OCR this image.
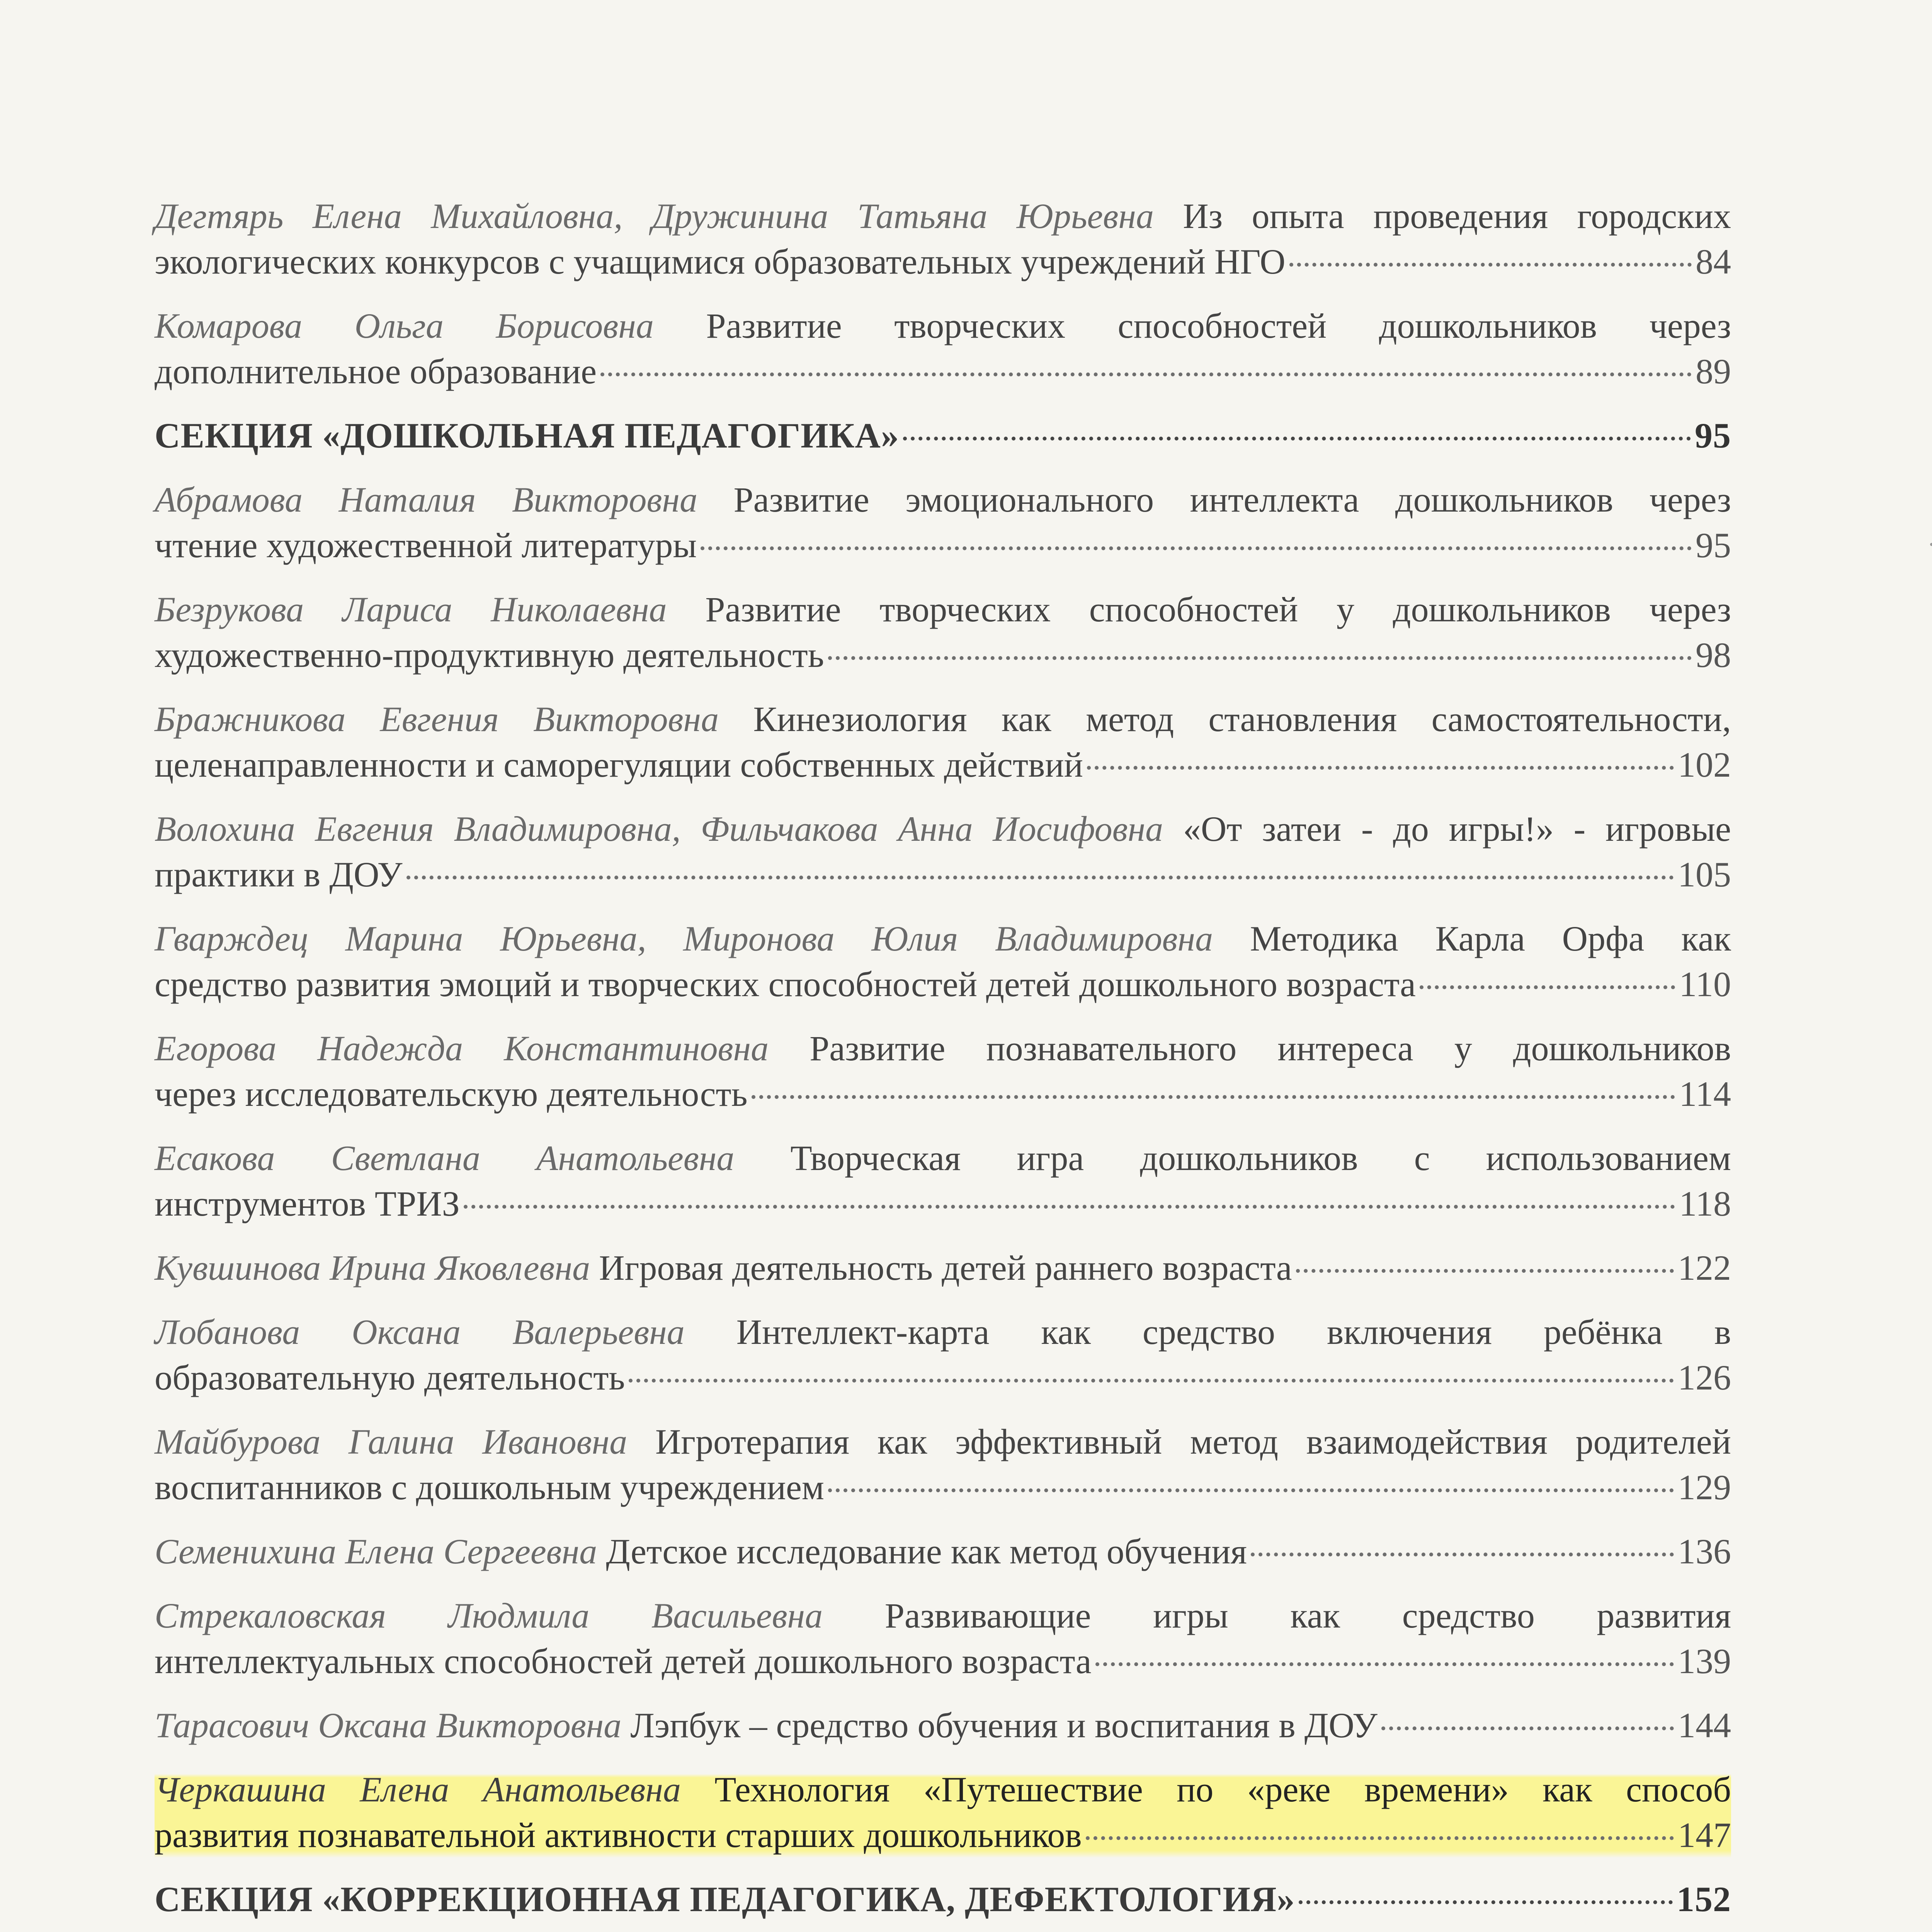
Дегтярь Елена Михайловна, Дружинина Татьяна Юрьевна Из опыта проведения городских
экологических конкурсов с учащимися образовательных учреждений НГО	84
Комарова Ольга Борисовна Развитие творческих способностей дошкольников через
дополнительное образование	89
СЕКЦИЯ «ДОШКОЛЬНАЯ ПЕДАГОГИКА»	95
Абрамова Наталия Викторовна Развитие эмоционального интеллекта дошкольников через
чтение художественной литературы	95
Безрукова Лариса Николаевна Развитие творческих способностей у дошкольников через
художественно-продуктивную деятельность	98
Бражникова Евгения Викторовна Кинезиология как метод становления самостоятельности,
целенаправленности и саморегуляции собственных действий	102
Волохина Евгения Владимировна, Фильчакова Анна Иосифовна «От затеи - до игры!» - игровые
практики в ДОУ	105
Гварждец Марина Юрьевна, Миронова Юлия Владимировна Методика Карла Орфа как
средство развития эмоций и творческих способностей детей дошкольного возраста	110
Егорова Надежда Константиновна Развитие познавательного интереса у дошкольников
через исследовательскую деятельность	114
Есакова Светлана Анатольевна Творческая игра дошкольников с использованием
инструментов ТРИЗ	118
Кувшинова Ирина Яковлевна Игровая деятельность детей раннего возраста	122
Лобанова Оксана Валерьевна Интеллект-карта как средство включения ребёнка в
образовательную деятельность	126
Майбурова Галина Ивановна Игротерапия как эффективный метод взаимодействия родителей
воспитанников с дошкольным учреждением	129
Семенихина Елена Сергеевна Детское исследование как метод обучения	136
Стрекаловская Людмила Васильевна Развивающие игры как средство развития
интеллектуальных способностей детей дошкольного возраста	139
Тарасович Оксана Викторовна Лэпбук – средство обучения и воспитания в ДОУ	144
Черкашина Елена Анатольевна Технология «Путешествие по «реке времени» как способ
развития познавательной активности старших дошкольников	147
СЕКЦИЯ «КОРРЕКЦИОННАЯ ПЕДАГОГИКА, ДЕФЕКТОЛОГИЯ»	152
